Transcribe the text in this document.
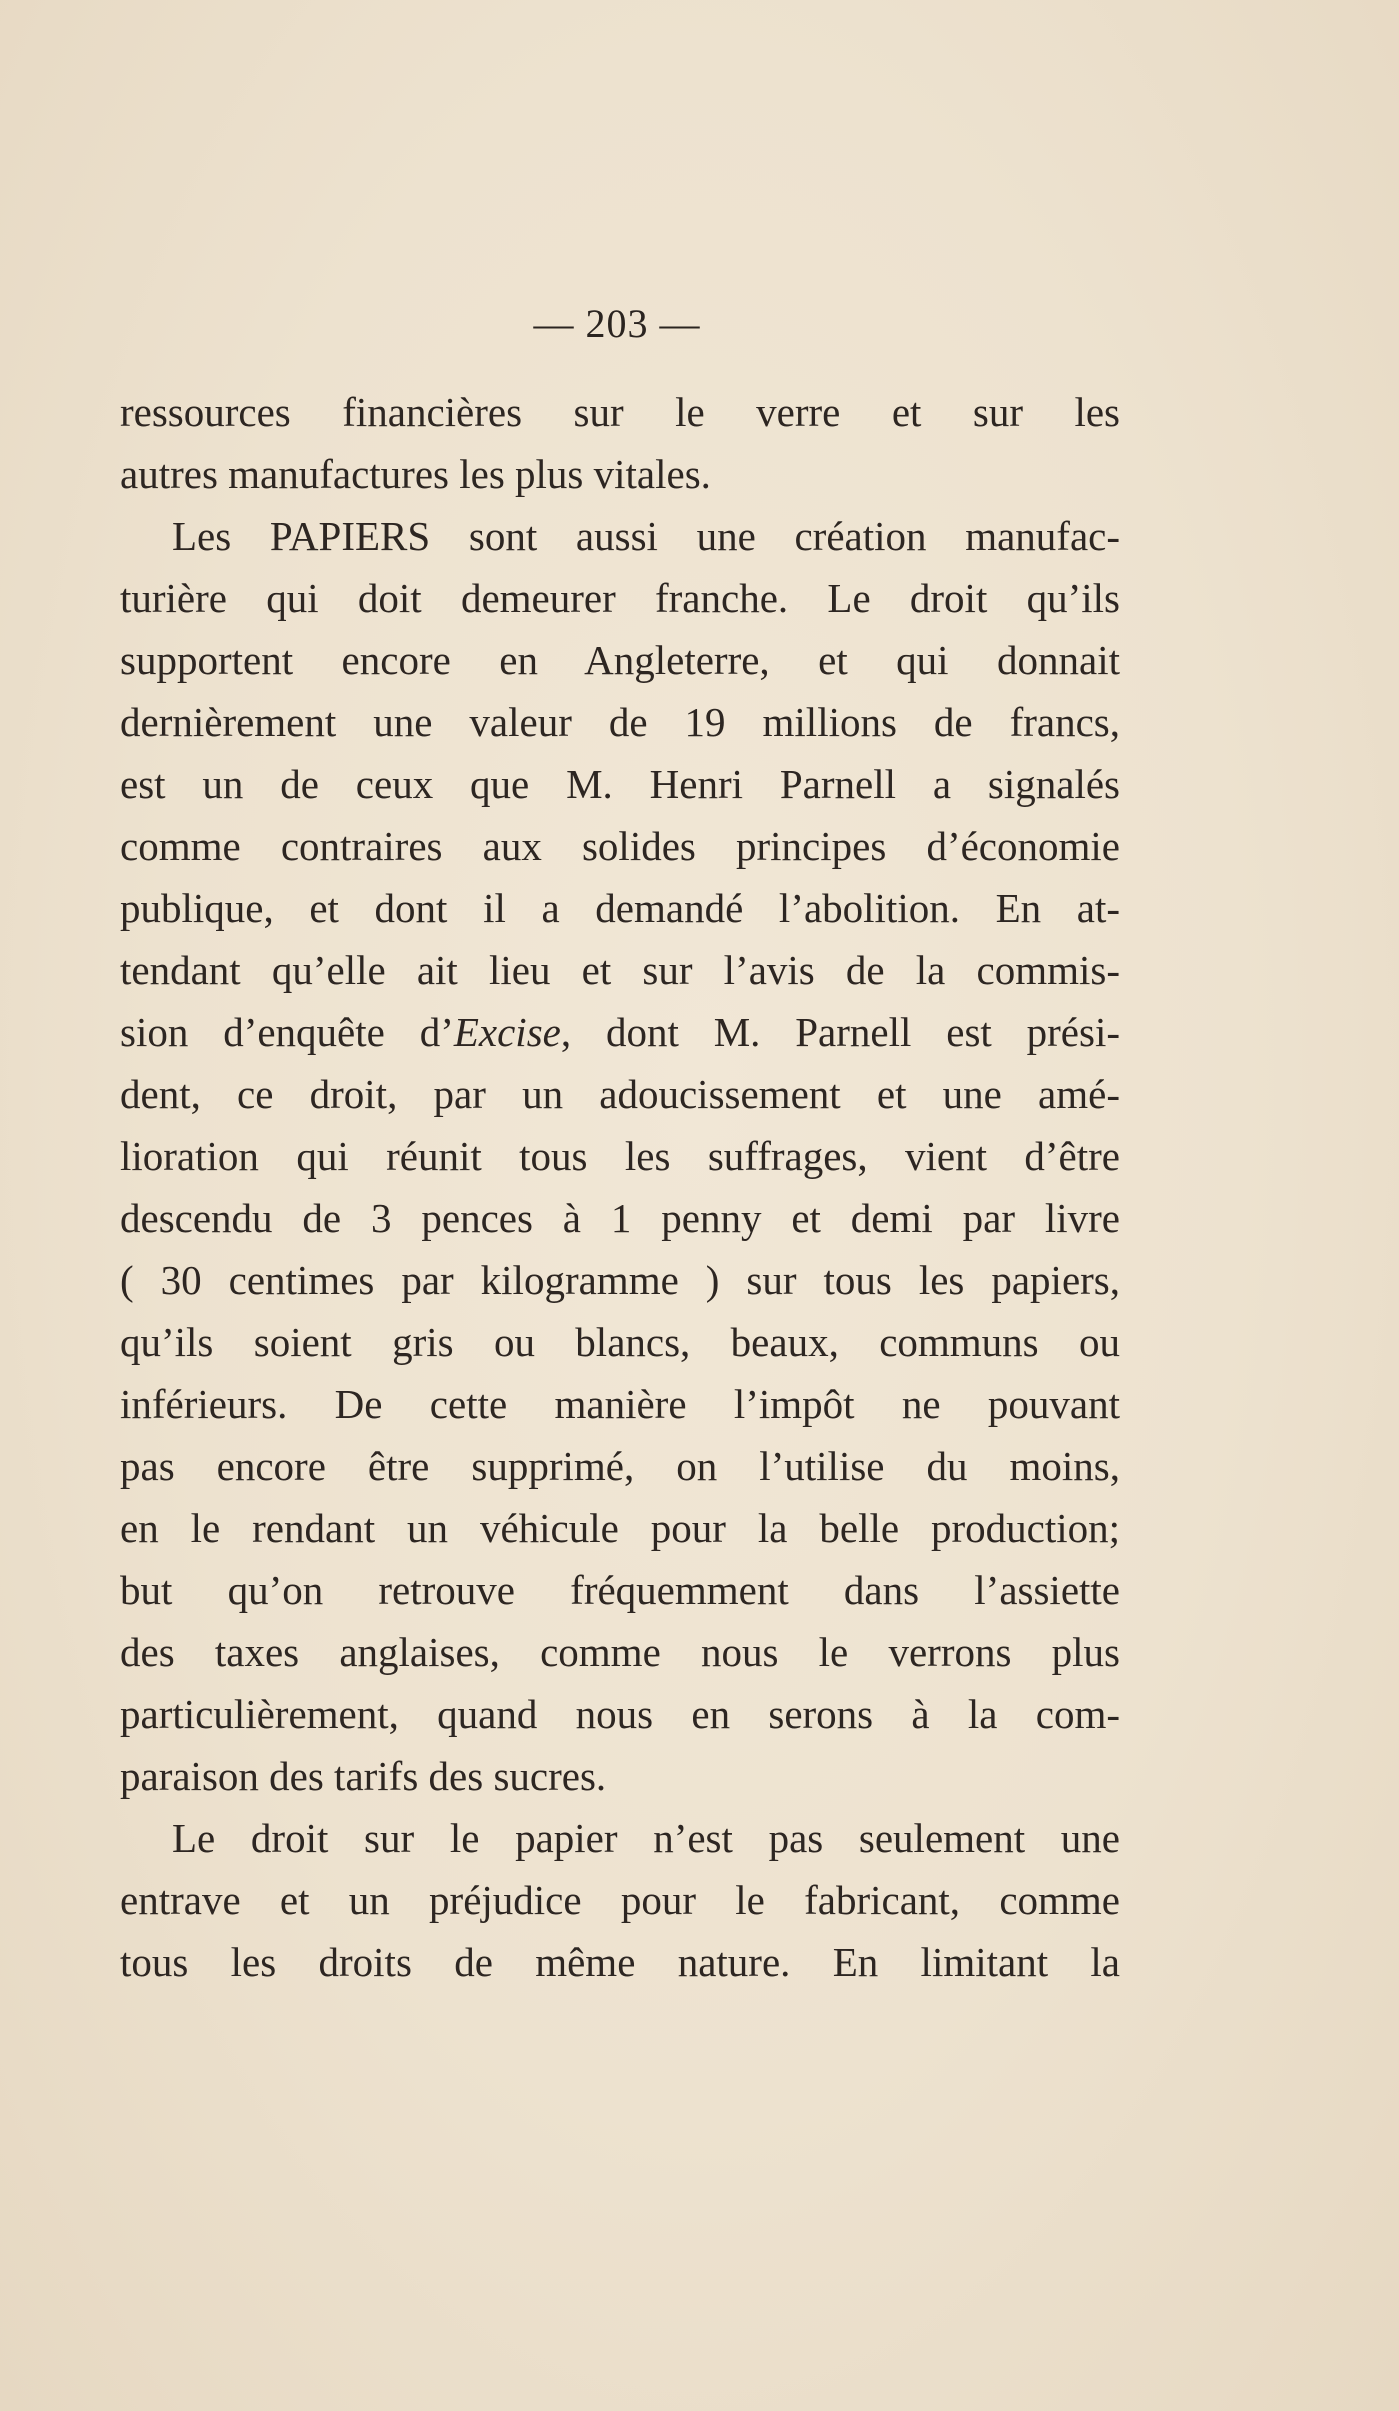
— 203 —
ressources financières sur le verre et sur les
autres manufactures les plus vitales.
Les PAPIERS sont aussi une création manufac-
turière qui doit demeurer franche. Le droit qu’ils
supportent encore en Angleterre, et qui donnait
dernièrement une valeur de 19 millions de francs,
est un de ceux que M. Henri Parnell a signalés
comme contraires aux solides principes d’économie
publique, et dont il a demandé l’abolition. En at-
tendant qu’elle ait lieu et sur l’avis de la commis-
sion d’enquête d’Excise, dont M. Parnell est prési-
dent, ce droit, par un adoucissement et une amé-
lioration qui réunit tous les suffrages, vient d’être
descendu de 3 pences à 1 penny et demi par livre
( 30 centimes par kilogramme ) sur tous les papiers,
qu’ils soient gris ou blancs, beaux, communs ou
inférieurs. De cette manière l’impôt ne pouvant
pas encore être supprimé, on l’utilise du moins,
en le rendant un véhicule pour la belle production;
but qu’on retrouve fréquemment dans l’assiette
des taxes anglaises, comme nous le verrons plus
particulièrement, quand nous en serons à la com-
paraison des tarifs des sucres.
Le droit sur le papier n’est pas seulement une
entrave et un préjudice pour le fabricant, comme
tous les droits de même nature. En limitant la
